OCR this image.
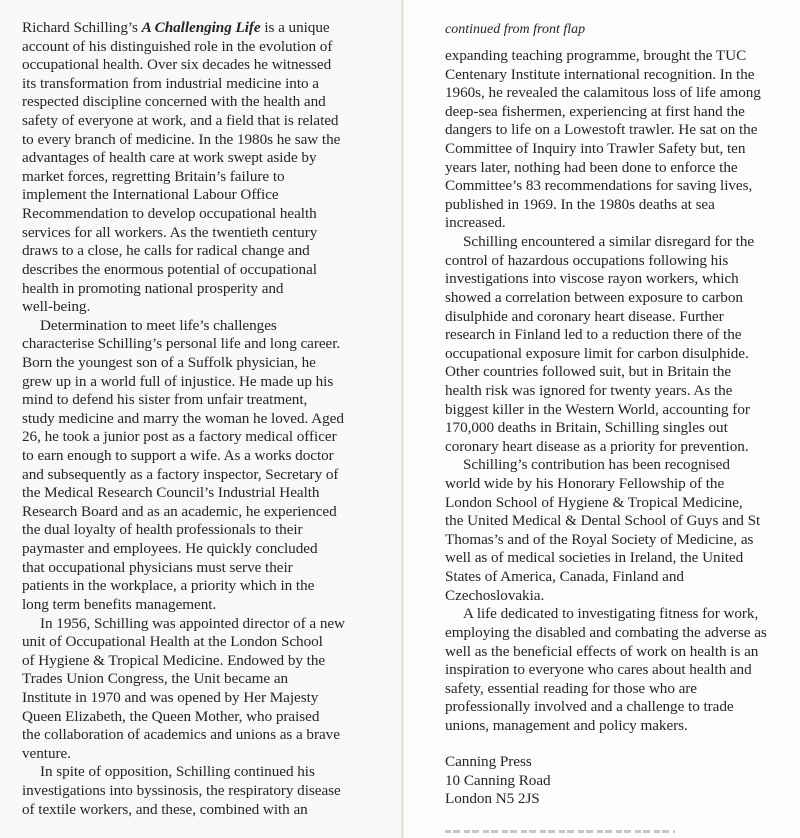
Richard Schilling’s A Challenging Life is a unique
account of his distinguished role in the evolution of
occupational health. Over six decades he witnessed
its transformation from industrial medicine into a
respected discipline concerned with the health and
safety of everyone at work, and a field that is related
to every branch of medicine. In the 1980s he saw the
advantages of health care at work swept aside by
market forces, regretting Britain’s failure to
implement the International Labour Office
Recommendation to develop occupational health
services for all workers. As the twentieth century
draws to a close, he calls for radical change and
describes the enormous potential of occupational
health in promoting national prosperity and
well-being.
Determination to meet life’s challenges
characterise Schilling’s personal life and long career.
Born the youngest son of a Suffolk physician, he
grew up in a world full of injustice. He made up his
mind to defend his sister from unfair treatment,
study medicine and marry the woman he loved. Aged
26, he took a junior post as a factory medical officer
to earn enough to support a wife. As a works doctor
and subsequently as a factory inspector, Secretary of
the Medical Research Council’s Industrial Health
Research Board and as an academic, he experienced
the dual loyalty of health professionals to their
paymaster and employees. He quickly concluded
that occupational physicians must serve their
patients in the workplace, a priority which in the
long term benefits management.
In 1956, Schilling was appointed director of a new
unit of Occupational Health at the London School
of Hygiene & Tropical Medicine. Endowed by the
Trades Union Congress, the Unit became an
Institute in 1970 and was opened by Her Majesty
Queen Elizabeth, the Queen Mother, who praised
the collaboration of academics and unions as a brave
venture.
In spite of opposition, Schilling continued his
investigations into byssinosis, the respiratory disease
of textile workers, and these, combined with an
continued from front flap
expanding teaching programme, brought the TUC
Centenary Institute international recognition. In the
1960s, he revealed the calamitous loss of life among
deep-sea fishermen, experiencing at first hand the
dangers to life on a Lowestoft trawler. He sat on the
Committee of Inquiry into Trawler Safety but, ten
years later, nothing had been done to enforce the
Committee’s 83 recommendations for saving lives,
published in 1969. In the 1980s deaths at sea
increased.
Schilling encountered a similar disregard for the
control of hazardous occupations following his
investigations into viscose rayon workers, which
showed a correlation between exposure to carbon
disulphide and coronary heart disease. Further
research in Finland led to a reduction there of the
occupational exposure limit for carbon disulphide.
Other countries followed suit, but in Britain the
health risk was ignored for twenty years. As the
biggest killer in the Western World, accounting for
170,000 deaths in Britain, Schilling singles out
coronary heart disease as a priority for prevention.
Schilling’s contribution has been recognised
world wide by his Honorary Fellowship of the
London School of Hygiene & Tropical Medicine,
the United Medical & Dental School of Guys and St
Thomas’s and of the Royal Society of Medicine, as
well as of medical societies in Ireland, the United
States of America, Canada, Finland and
Czechoslovakia.
A life dedicated to investigating fitness for work,
employing the disabled and combating the adverse as
well as the beneficial effects of work on health is an
inspiration to everyone who cares about health and
safety, essential reading for those who are
professionally involved and a challenge to trade
unions, management and policy makers.
Canning Press
10 Canning Road
London N5 2JS
